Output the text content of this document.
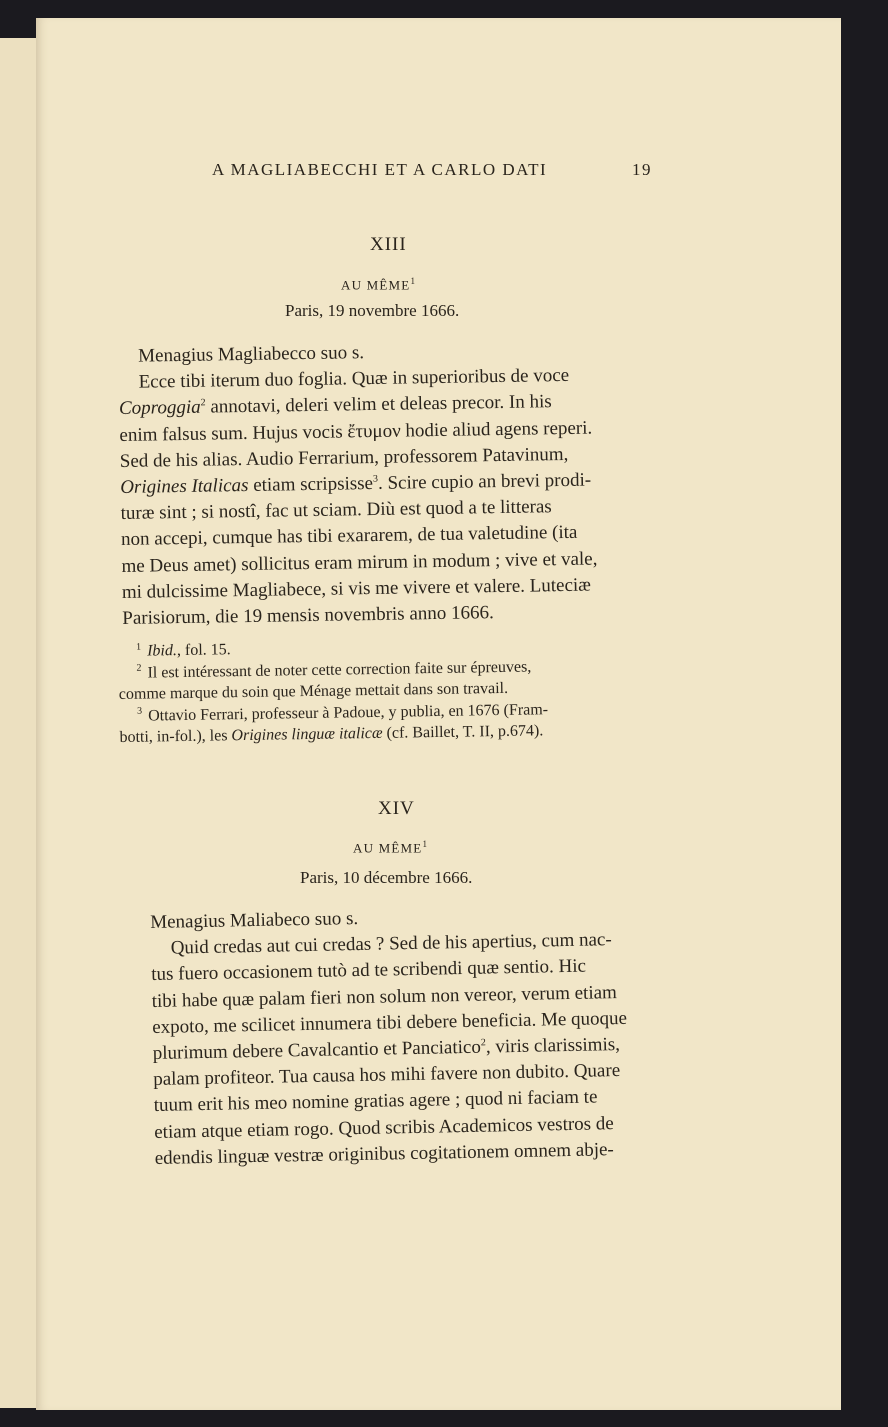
A MAGLIABECCHI ET A CARLO DATI	19
XIII
AU MÊME$^1$
Paris, 19 novembre 1666.
Menagius Magliabecco suo s.
Ecce tibi iterum duo foglia. Quæ in superioribus de voce
Coproggia$^2$ annotavi, deleri velim et deleas precor. In his
enim falsus sum. Hujus vocis ἔτυμον hodie aliud agens reperi.
Sed de his alias. Audio Ferrarium, professorem Patavinum,
Origines Italicas etiam scripsisse$^3$. Scire cupio an brevi prodi-
turæ sint ; si nostî, fac ut sciam. Diù est quod a te litteras
non accepi, cumque has tibi exararem, de tua valetudine (ita
me Deus amet) sollicitus eram mirum in modum ; vive et vale,
mi dulcissime Magliabece, si vis me vivere et valere. Luteciæ
Parisiorum, die 19 mensis novembris anno 1666.
$^1$ Ibid., fol. 15.
$^2$ Il est intéressant de noter cette correction faite sur épreuves,
comme marque du soin que Ménage mettait dans son travail.
$^3$ Ottavio Ferrari, professeur à Padoue, y publia, en 1676 (Fram-
botti, in-fol.), les Origines linguæ italicæ (cf. Baillet, T. II, p.674).
XIV
AU MÊME$^1$
Paris, 10 décembre 1666.
Menagius Maliabeco suo s.
Quid credas aut cui credas ? Sed de his apertius, cum nac-
tus fuero occasionem tutò ad te scribendi quæ sentio. Hic
tibi habe quæ palam fieri non solum non vereor, verum etiam
expoto, me scilicet innumera tibi debere beneficia. Me quoque
plurimum debere Cavalcantio et Panciatico$^2$, viris clarissimis,
palam profiteor. Tua causa hos mihi favere non dubito. Quare
tuum erit his meo nomine gratias agere ; quod ni faciam te
etiam atque etiam rogo. Quod scribis Academicos vestros de
edendis linguæ vestræ originibus cogitationem omnem abje-
